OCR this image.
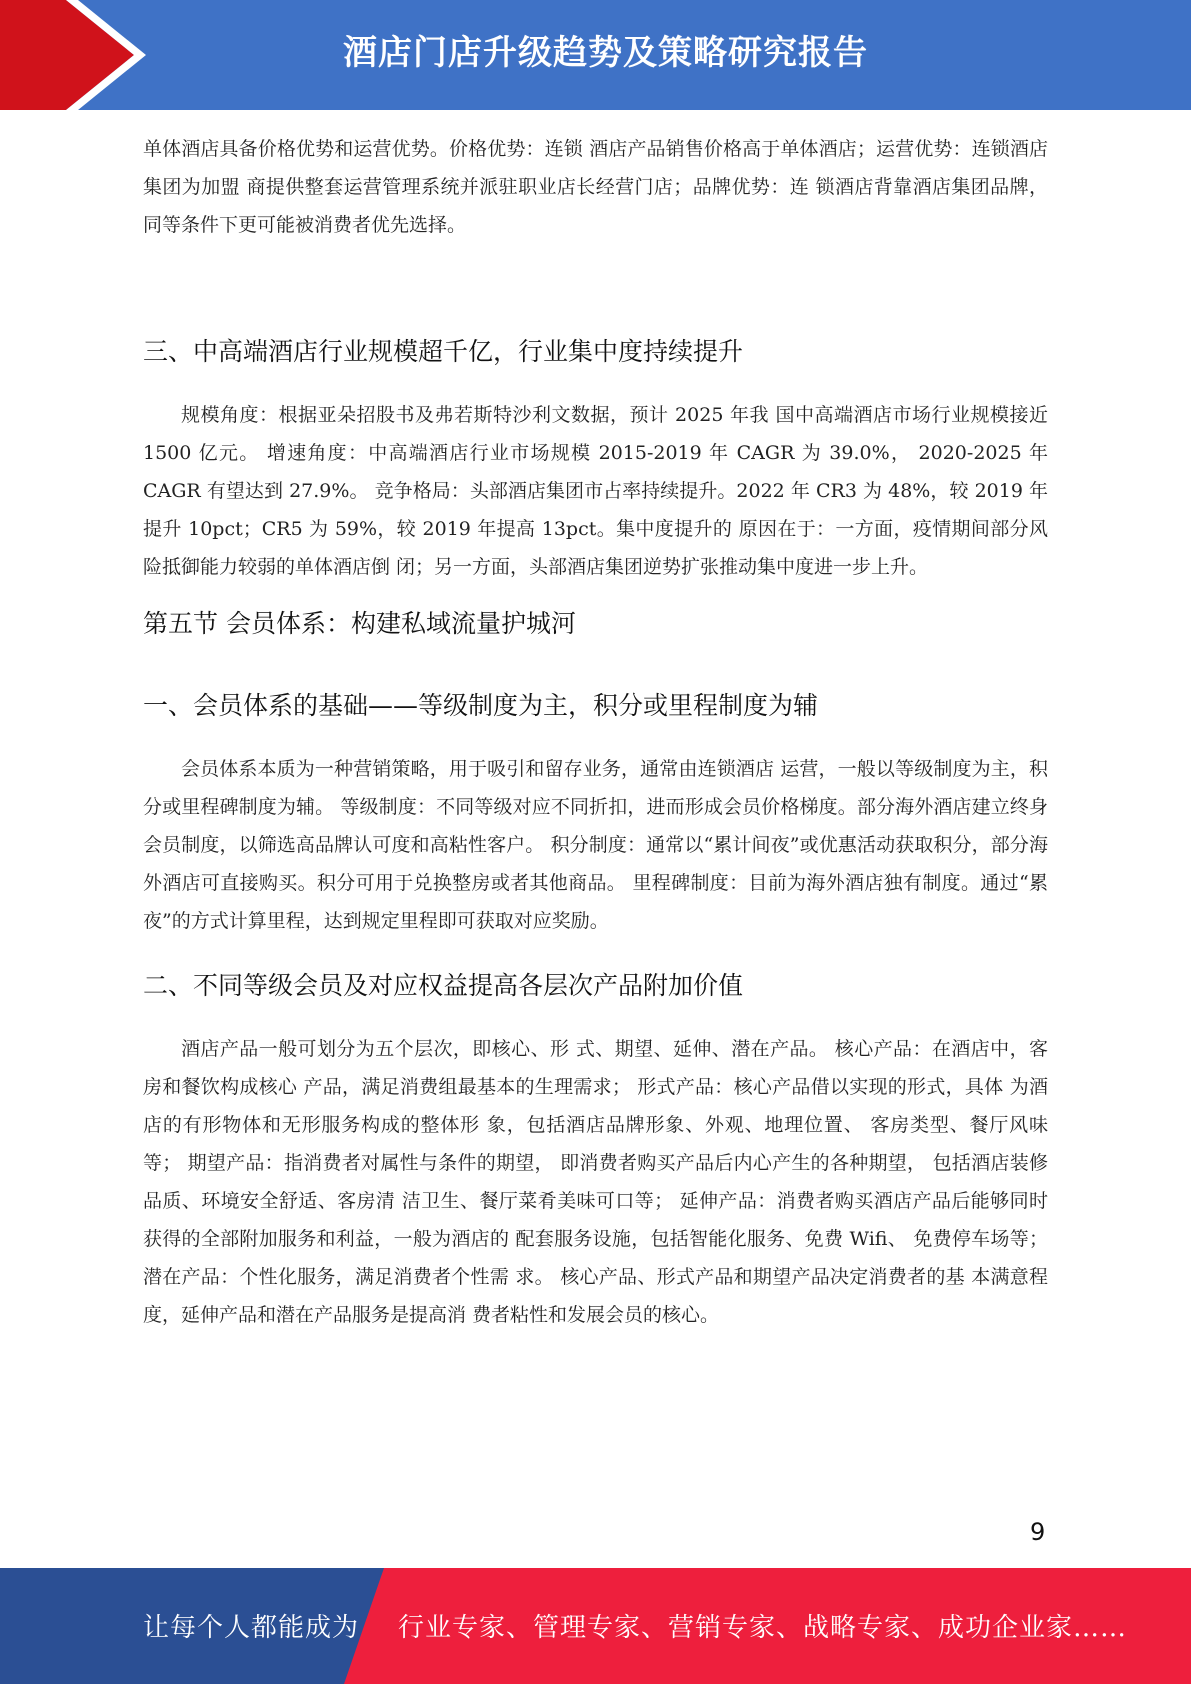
酒店门店升级趋势及策略研究报告

单体酒店具备价格优势和运营优势。价格优势：连锁 酒店产品销售价格高于单体酒店；运营优势：连锁酒店集团为加盟 商提供整套运营管理系统并派驻职业店长经营门店；品牌优势：连 锁酒店背靠酒店集团品牌，同等条件下更可能被消费者优先选择。

三、中高端酒店行业规模超千亿，行业集中度持续提升

规模角度：根据亚朵招股书及弗若斯特沙利文数据，预计 2025 年我 国中高端酒店市场行业规模接近 1500 亿元。 增速角度：中高端酒店行业市场规模 2015-2019 年 CAGR 为 39.0%， 2020-2025 年 CAGR 有望达到 27.9%。 竞争格局：头部酒店集团市占率持续提升。2022 年 CR3 为 48%，较 2019 年提升 10pct；CR5 为 59%，较 2019 年提高 13pct。集中度提升的 原因在于：一方面，疫情期间部分风险抵御能力较弱的单体酒店倒 闭；另一方面，头部酒店集团逆势扩张推动集中度进一步上升。

第五节 会员体系：构建私域流量护城河
一、会员体系的基础——等级制度为主，积分或里程制度为辅

会员体系本质为一种营销策略，用于吸引和留存业务，通常由连锁酒店 运营，一般以等级制度为主，积分或里程碑制度为辅。 等级制度：不同等级对应不同折扣，进而形成会员价格梯度。部分海外酒店建立终身会员制度，以筛选高品牌认可度和高粘性客户。 积分制度：通常以“累计间夜”或优惠活动获取积分，部分海外酒店可直接购买。积分可用于兑换整房或者其他商品。 里程碑制度：目前为海外酒店独有制度。通过“累夜”的方式计算里程，达到规定里程即可获取对应奖励。

二、不同等级会员及对应权益提高各层次产品附加价值

酒店产品一般可划分为五个层次，即核心、形 式、期望、延伸、潜在产品。 核心产品：在酒店中，客房和餐饮构成核心 产品，满足消费组最基本的生理需求； 形式产品：核心产品借以实现的形式，具体 为酒店的有形物体和无形服务构成的整体形 象，包括酒店品牌形象、外观、地理位置、 客房类型、餐厅风味等； 期望产品：指消费者对属性与条件的期望， 即消费者购买产品后内心产生的各种期望， 包括酒店装修品质、环境安全舒适、客房清 洁卫生、餐厅菜肴美味可口等； 延伸产品：消费者购买酒店产品后能够同时 获得的全部附加服务和利益，一般为酒店的 配套服务设施，包括智能化服务、免费 Wifi、 免费停车场等； 潜在产品：个性化服务，满足消费者个性需 求。 核心产品、形式产品和期望产品决定消费者的基 本满意程度，延伸产品和潜在产品服务是提高消 费者粘性和发展会员的核心。

9
让每个人都能成为 行业专家、管理专家、营销专家、战略专家、成功企业家……
